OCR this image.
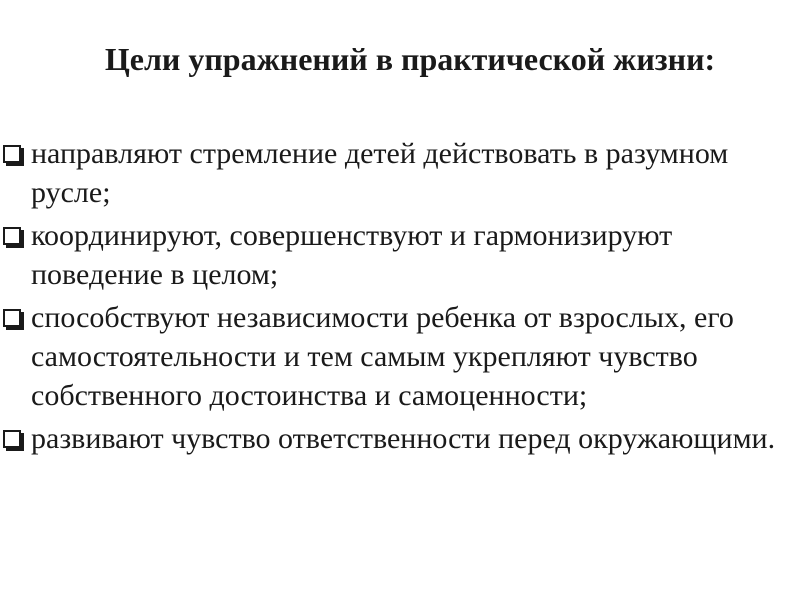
Цели упражнений в практической жизни:
направляют стремление детей действовать в разумном русле;
координируют, совершенствуют и гармонизируют поведение в целом;
способствуют независимости ребенка от взрослых, его самостоятельности и тем самым укрепляют чувство собственного достоинства и самоценности;
развивают чувство ответственности перед окружающими.
